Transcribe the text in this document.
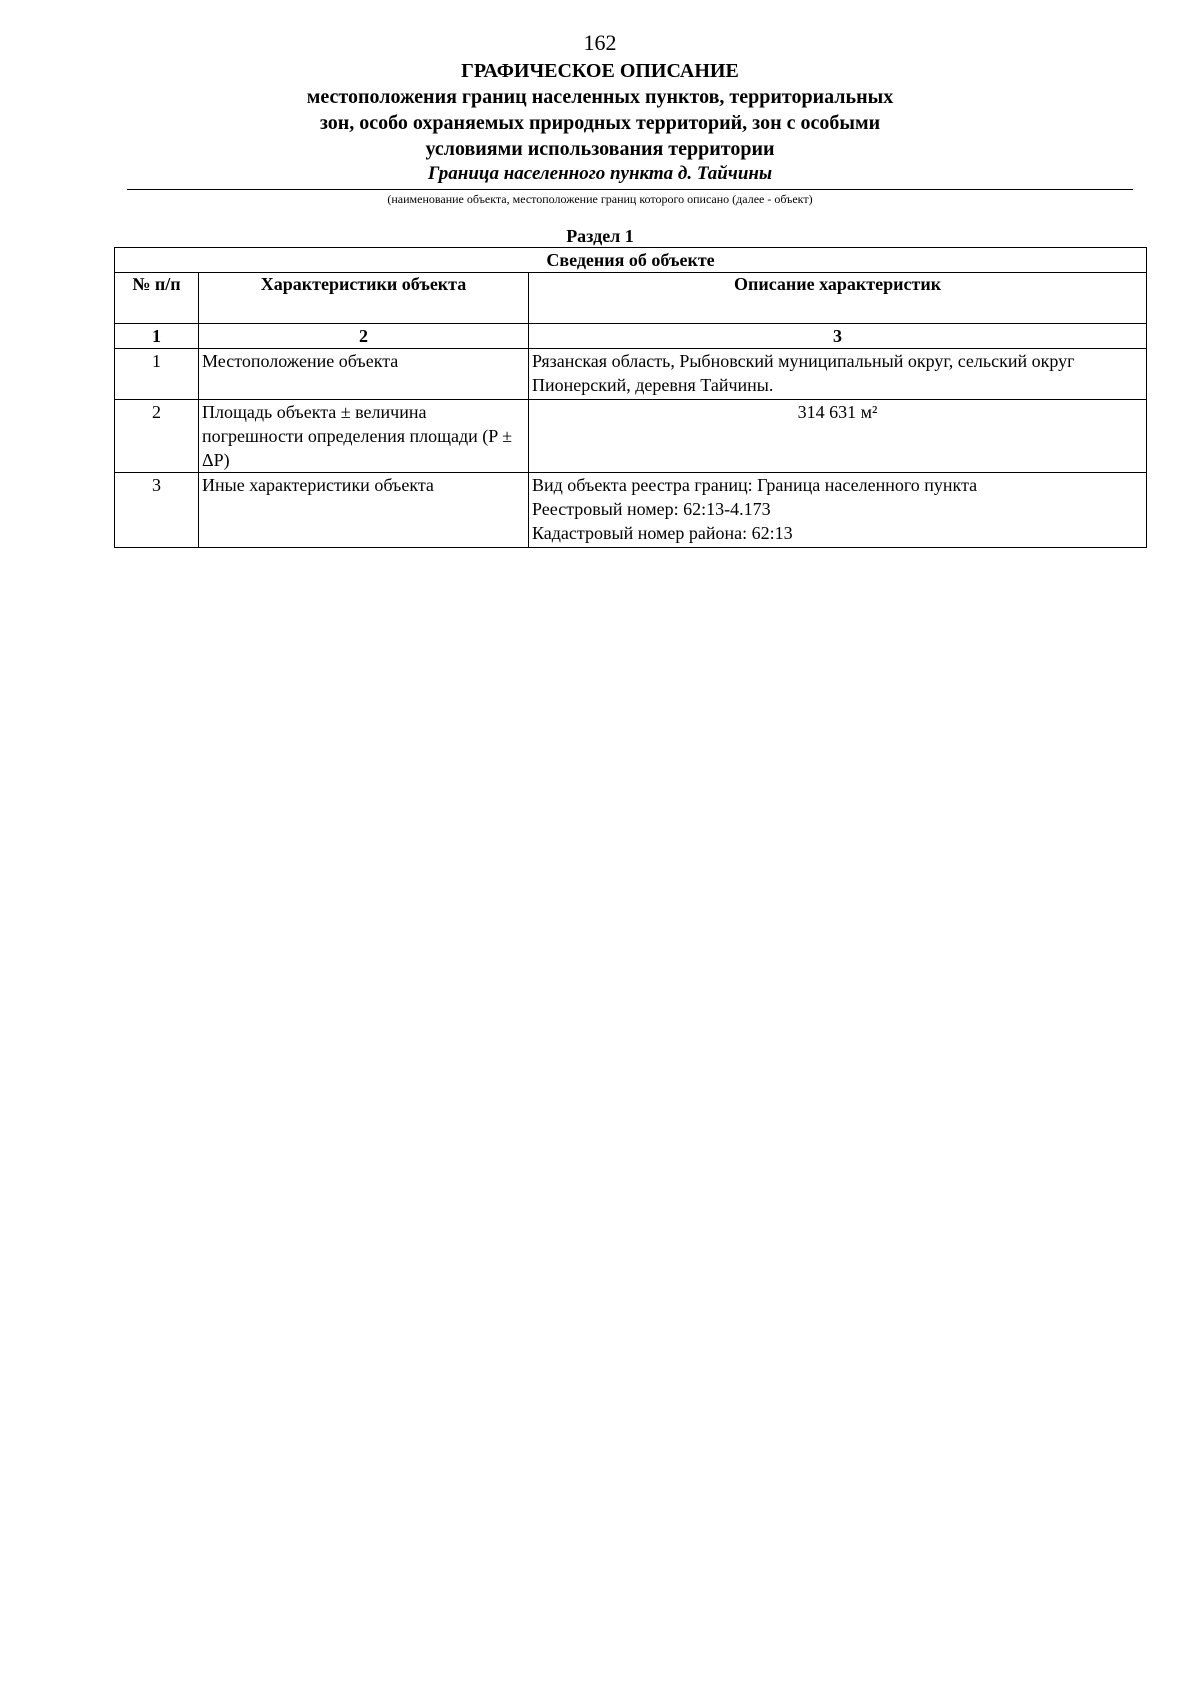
162
ГРАФИЧЕСКОЕ ОПИСАНИЕ
местоположения границ населенных пунктов, территориальных
зон, особо охраняемых природных территорий, зон с особыми
условиями использования территории
Граница населенного пункта д. Тайчины
(наименование объекта, местоположение границ которого описано (далее - объект)
Раздел 1
Сведения об объекте		
№ п/п	Характеристики объекта	Описание характеристик
1	2	3
1	Местоположение объекта	Рязанская область, Рыбновский муниципальный округ, сельский округ Пионерский, деревня Тайчины.

2	Площадь объекта ± величина погрешности определения площади (P ± ΔP)	314 631 м²

3	Иные характеристики объекта	Вид объекта реестра границ: Граница населенного пункта
Реестровый номер: 62:13-4.173
Кадастровый номер района: 62:13
